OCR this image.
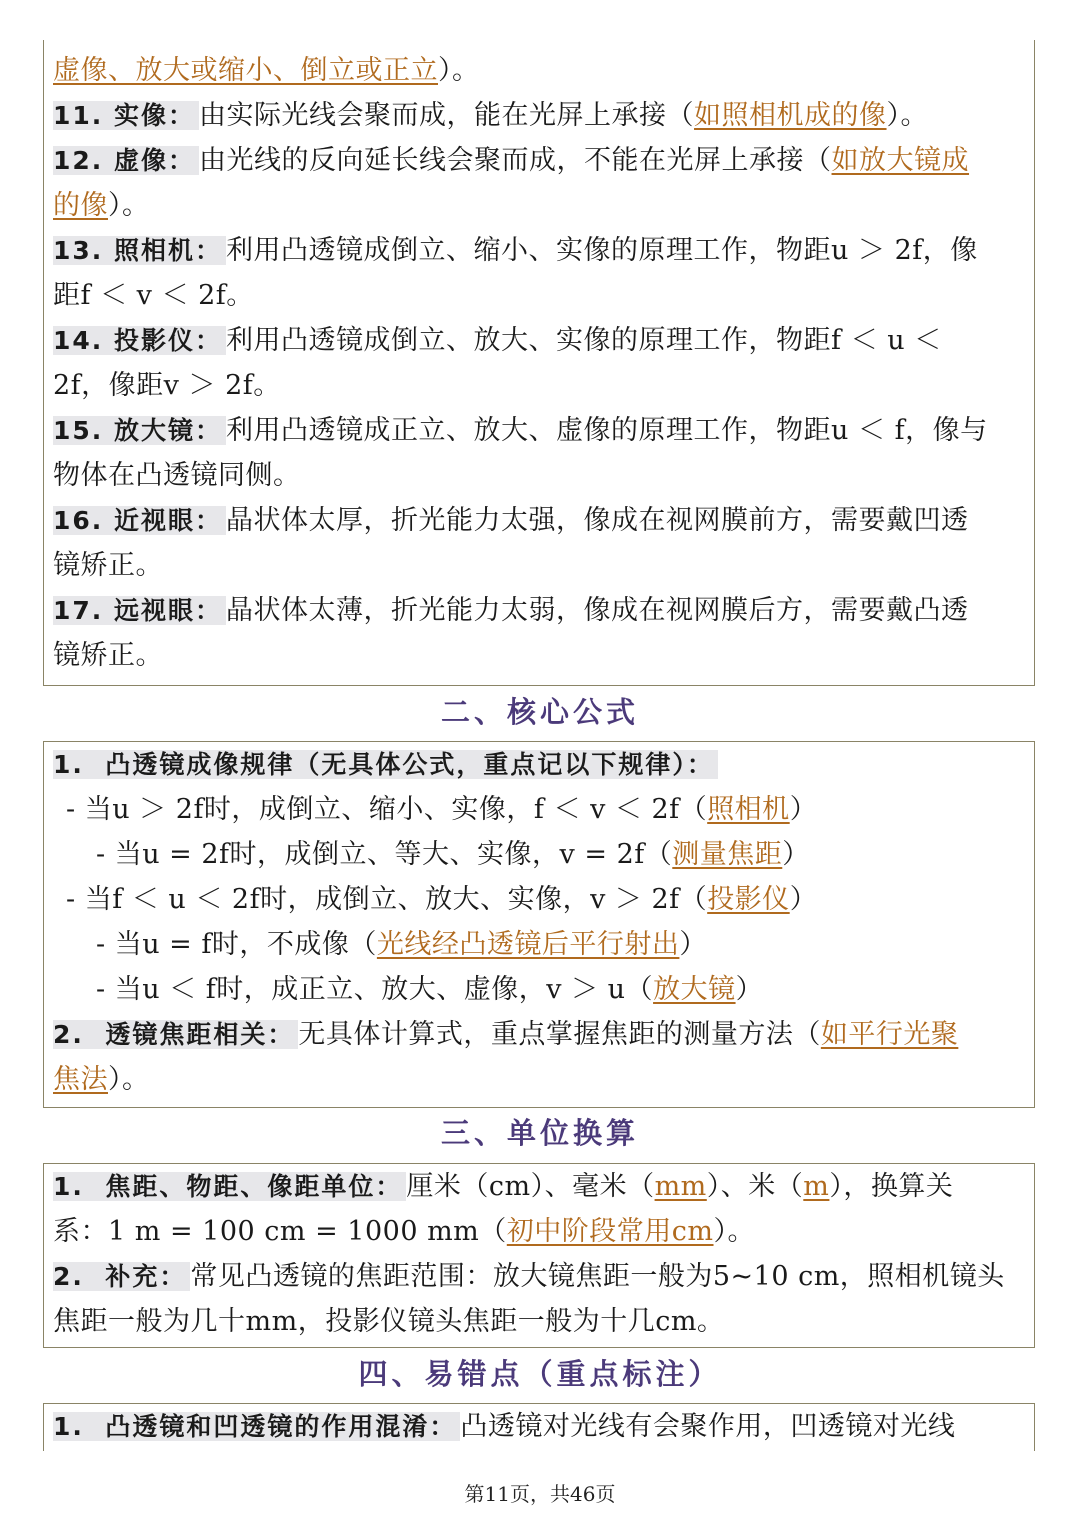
虚像、放大或缩小、倒立或正立）。
11. 实像： 由实际光线会聚而成，能在光屏上承接（如照相机成的像）。
12. 虚像： 由光线的反向延长线会聚而成，不能在光屏上承接（如放大镜成
的像）。
13. 照相机： 利用凸透镜成倒立、缩小、实像的原理工作，物距u ＞ 2f，像
距f ＜ v ＜ 2f。
14. 投影仪： 利用凸透镜成倒立、放大、实像的原理工作，物距f ＜ u ＜
2f，像距v ＞ 2f。
15. 放大镜： 利用凸透镜成正立、放大、虚像的原理工作，物距u ＜ f，像与
物体在凸透镜同侧。
16. 近视眼： 晶状体太厚，折光能力太强，像成在视网膜前方，需要戴凹透
镜矫正。
17. 远视眼： 晶状体太薄，折光能力太弱，像成在视网膜后方，需要戴凸透
镜矫正。
二、核心公式
1. 凸透镜成像规律（无具体公式，重点记以下规律）：
- 当u ＞ 2f时，成倒立、缩小、实像，f ＜ v ＜ 2f（照相机）
- 当u = 2f时，成倒立、等大、实像，v = 2f（测量焦距）
- 当f ＜ u ＜ 2f时，成倒立、放大、实像，v ＞ 2f（投影仪）
- 当u = f时，不成像（光线经凸透镜后平行射出）
- 当u ＜ f时，成正立、放大、虚像，v ＞ u（放大镜）
2. 透镜焦距相关： 无具体计算式，重点掌握焦距的测量方法（如平行光聚
焦法）。
三、单位换算
1. 焦距、物距、像距单位： 厘米（cm）、毫米（mm）、米（m），换算关
系：1 m = 100 cm = 1000 mm（初中阶段常用cm）。
2. 补充： 常见凸透镜的焦距范围：放大镜焦距一般为5~10 cm，照相机镜头
焦距一般为几十mm，投影仪镜头焦距一般为十几cm。
四、易错点（重点标注）
1. 凸透镜和凹透镜的作用混淆： 凸透镜对光线有会聚作用，凹透镜对光线
第11页，共46页
